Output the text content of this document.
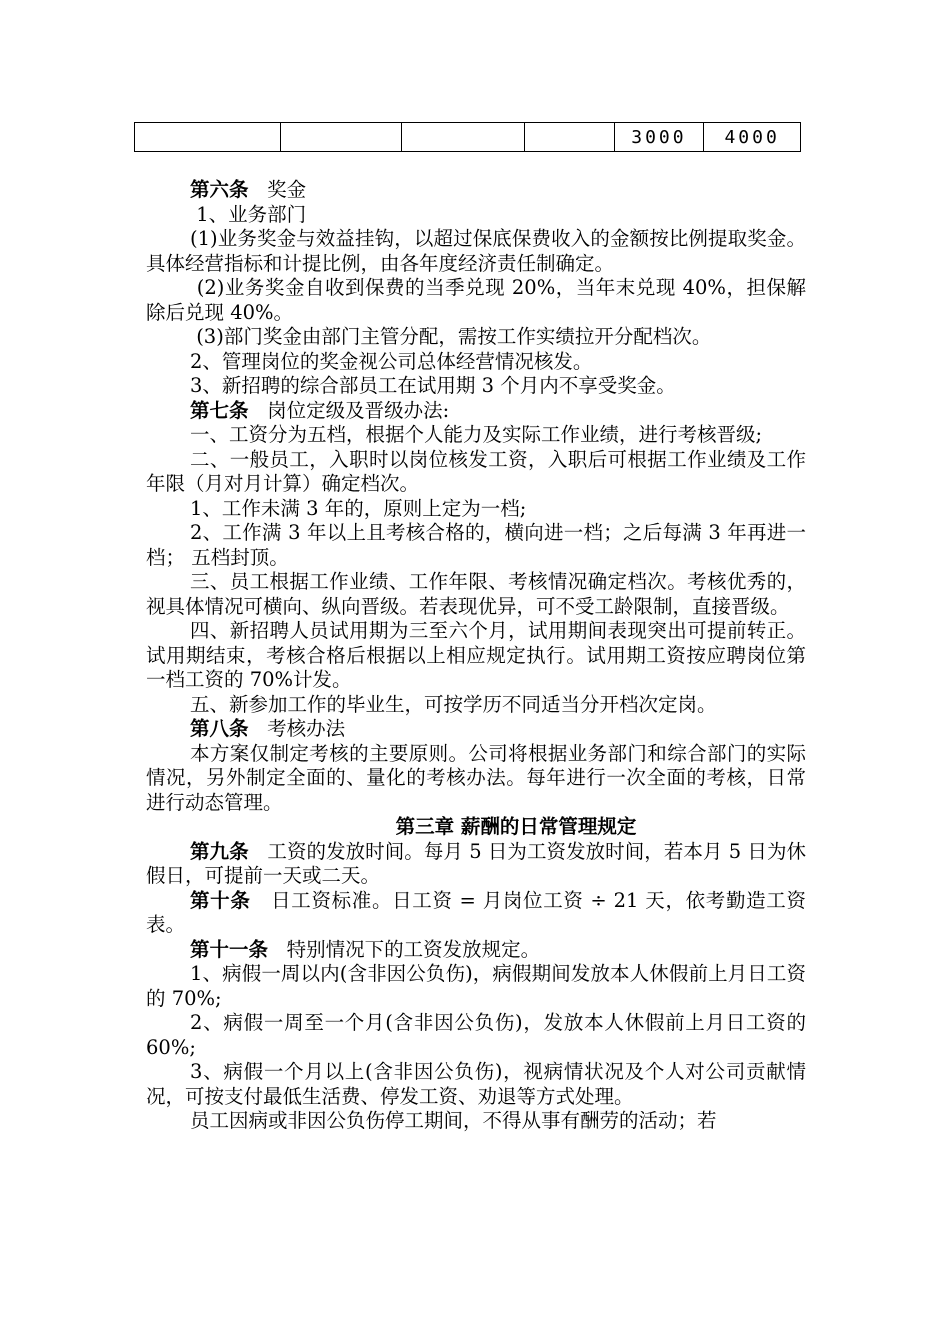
3000	4000

第六条   奖金

1、业务部门

(1)业务奖金与效益挂钩，以超过保底保费收入的金额按比例提取奖金。具体经营指标和计提比例，由各年度经济责任制确定。

(2)业务奖金自收到保费的当季兑现 20%，当年末兑现 40%，担保解除后兑现 40%。

(3)部门奖金由部门主管分配，需按工作实绩拉开分配档次。

2、管理岗位的奖金视公司总体经营情况核发。

3、新招聘的综合部员工在试用期 3 个月内不享受奖金。

第七条   岗位定级及晋级办法:

一、工资分为五档，根据个人能力及实际工作业绩，进行考核晋级;

二、一般员工，入职时以岗位核发工资，入职后可根据工作业绩及工作年限（月对月计算）确定档次。

1、工作未满 3 年的，原则上定为一档;

2、工作满 3 年以上且考核合格的，横向进一档；之后每满 3 年再进一档； 五档封顶。

三、员工根据工作业绩、工作年限、考核情况确定档次。考核优秀的，视具体情况可横向、纵向晋级。若表现优异，可不受工龄限制，直接晋级。

四、新招聘人员试用期为三至六个月，试用期间表现突出可提前转正。试用期结束，考核合格后根据以上相应规定执行。试用期工资按应聘岗位第一档工资的 70%计发。

五、新参加工作的毕业生，可按学历不同适当分开档次定岗。

第八条   考核办法

本方案仅制定考核的主要原则。公司将根据业务部门和综合部门的实际情况，另外制定全面的、量化的考核办法。每年进行一次全面的考核，日常进行动态管理。

第三章 薪酬的日常管理规定

第九条   工资的发放时间。每月 5 日为工资发放时间，若本月 5 日为休假日，可提前一天或二天。

第十条   日工资标准。日工资 = 月岗位工资 ÷ 21 天，依考勤造工资表。

第十一条   特别情况下的工资发放规定。

1、病假一周以内(含非因公负伤)，病假期间发放本人休假前上月日工资的 70%;

2、病假一周至一个月(含非因公负伤)，发放本人休假前上月日工资的 60%;

3、病假一个月以上(含非因公负伤)，视病情状况及个人对公司贡献情况，可按支付最低生活费、停发工资、劝退等方式处理。

员工因病或非因公负伤停工期间，不得从事有酬劳的活动；若
